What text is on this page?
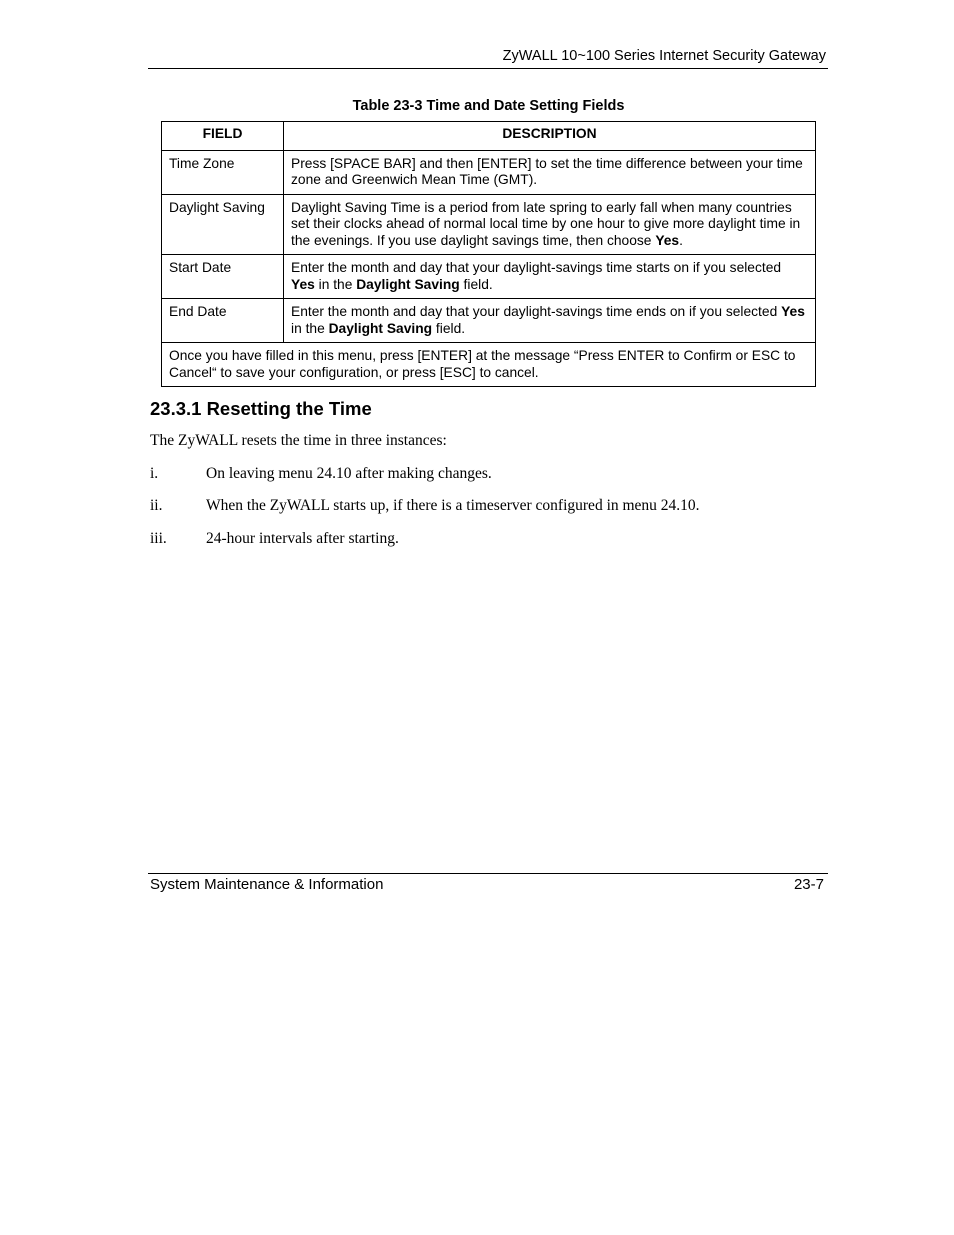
ZyWALL 10~100 Series Internet Security Gateway
Table 23-3 Time and Date Setting Fields
FIELD	DESCRIPTION
Time Zone	Press [SPACE BAR] and then [ENTER] to set the time difference between your time zone and Greenwich Mean Time (GMT).
Daylight Saving	Daylight Saving Time is a period from late spring to early fall when many countries set their clocks ahead of normal local time by one hour to give more daylight time in the evenings. If you use daylight savings time, then choose Yes.
Start Date	Enter the month and day that your daylight-savings time starts on if you selected Yes in the Daylight Saving field.
End Date	Enter the month and day that your daylight-savings time ends on if you selected Yes in the Daylight Saving field.
Once you have filled in this menu, press [ENTER] at the message “Press ENTER to Confirm or ESC to Cancel“ to save your configuration, or press [ESC] to cancel.	
23.3.1 Resetting the Time
The ZyWALL resets the time in three instances:
i.	On leaving menu 24.10 after making changes.
ii.	When the ZyWALL starts up, if there is a timeserver configured in menu 24.10.
iii.	24-hour intervals after starting.
System Maintenance & Information	23-7
